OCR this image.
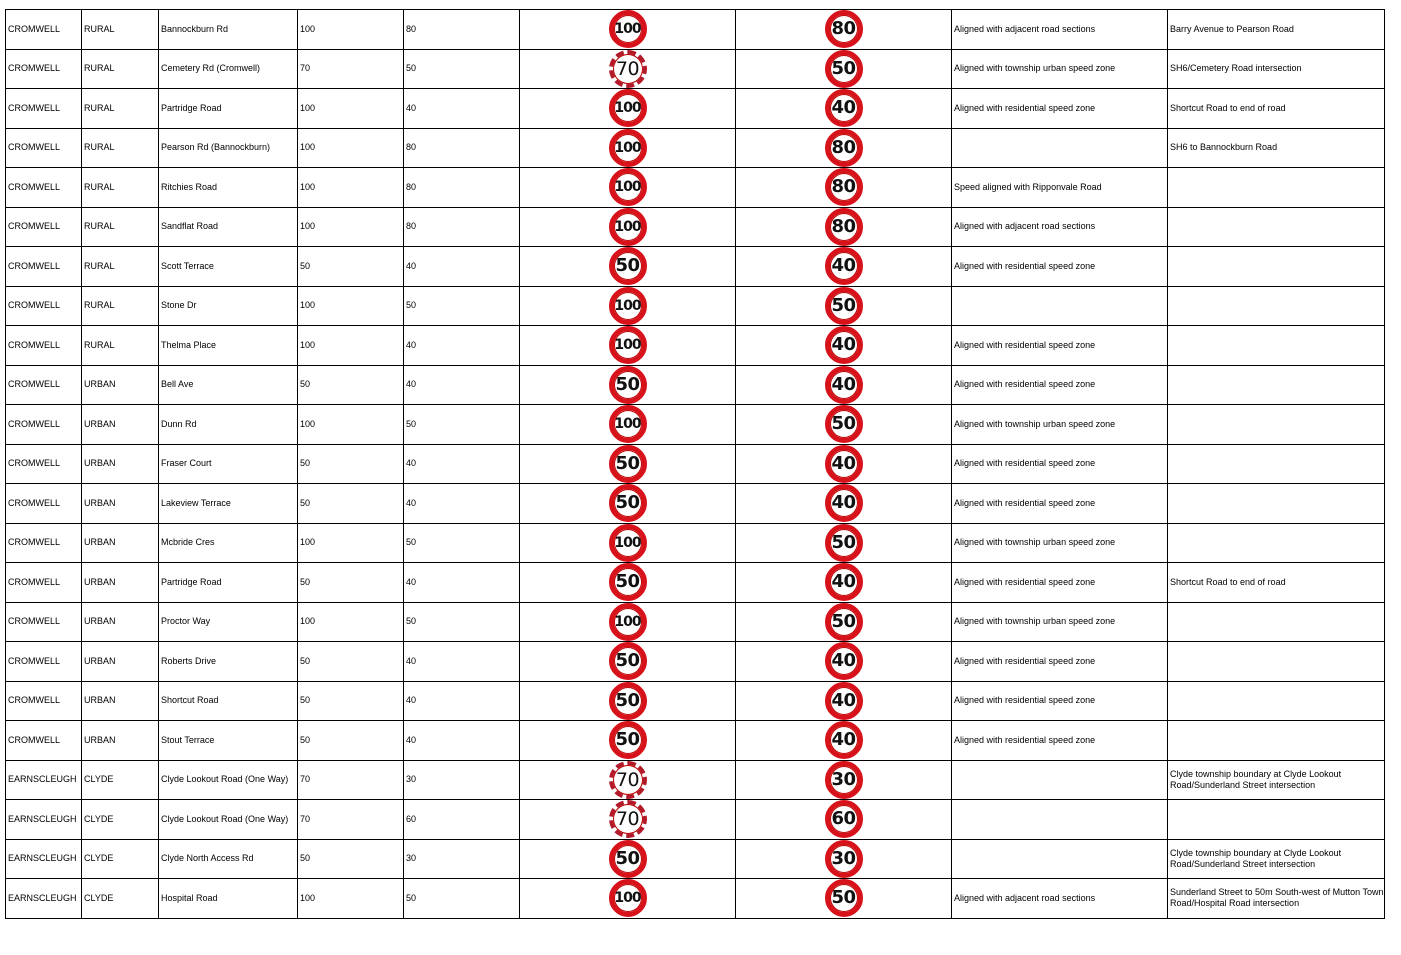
CROMWELL	RURAL	Bannockburn Rd	100	80	100	80	Aligned with adjacent road sections	Barry Avenue to Pearson Road
CROMWELL	RURAL	Cemetery Rd (Cromwell)	70	50	70	50	Aligned with township urban speed zone	SH6/Cemetery Road intersection
CROMWELL	RURAL	Partridge Road	100	40	100	40	Aligned with residential speed zone	Shortcut Road to end of road
CROMWELL	RURAL	Pearson Rd (Bannockburn)	100	80	100	80		SH6 to Bannockburn Road
CROMWELL	RURAL	Ritchies Road	100	80	100	80	Speed aligned with Ripponvale Road	
CROMWELL	RURAL	Sandflat Road	100	80	100	80	Aligned with adjacent road sections	
CROMWELL	RURAL	Scott Terrace	50	40	50	40	Aligned with residential speed zone	
CROMWELL	RURAL	Stone Dr	100	50	100	50		
CROMWELL	RURAL	Thelma Place	100	40	100	40	Aligned with residential speed zone	
CROMWELL	URBAN	Bell Ave	50	40	50	40	Aligned with residential speed zone	
CROMWELL	URBAN	Dunn Rd	100	50	100	50	Aligned with township urban speed zone	
CROMWELL	URBAN	Fraser Court	50	40	50	40	Aligned with residential speed zone	
CROMWELL	URBAN	Lakeview Terrace	50	40	50	40	Aligned with residential speed zone	
CROMWELL	URBAN	Mcbride Cres	100	50	100	50	Aligned with township urban speed zone	
CROMWELL	URBAN	Partridge Road	50	40	50	40	Aligned with residential speed zone	Shortcut Road to end of road
CROMWELL	URBAN	Proctor Way	100	50	100	50	Aligned with township urban speed zone	
CROMWELL	URBAN	Roberts Drive	50	40	50	40	Aligned with residential speed zone	
CROMWELL	URBAN	Shortcut Road	50	40	50	40	Aligned with residential speed zone	
CROMWELL	URBAN	Stout Terrace	50	40	50	40	Aligned with residential speed zone	
EARNSCLEUGH	CLYDE	Clyde Lookout Road (One Way)	70	30	70	30		Clyde township boundary at Clyde Lookout Road/Sunderland Street intersection
EARNSCLEUGH	CLYDE	Clyde Lookout Road (One Way)	70	60	70	60		
EARNSCLEUGH	CLYDE	Clyde North Access Rd	50	30	50	30		Clyde township boundary at Clyde Lookout Road/Sunderland Street intersection
EARNSCLEUGH	CLYDE	Hospital Road	100	50	100	50	Aligned with adjacent road sections	Sunderland Street to 50m South-west of Mutton Town Road/Hospital Road intersection
